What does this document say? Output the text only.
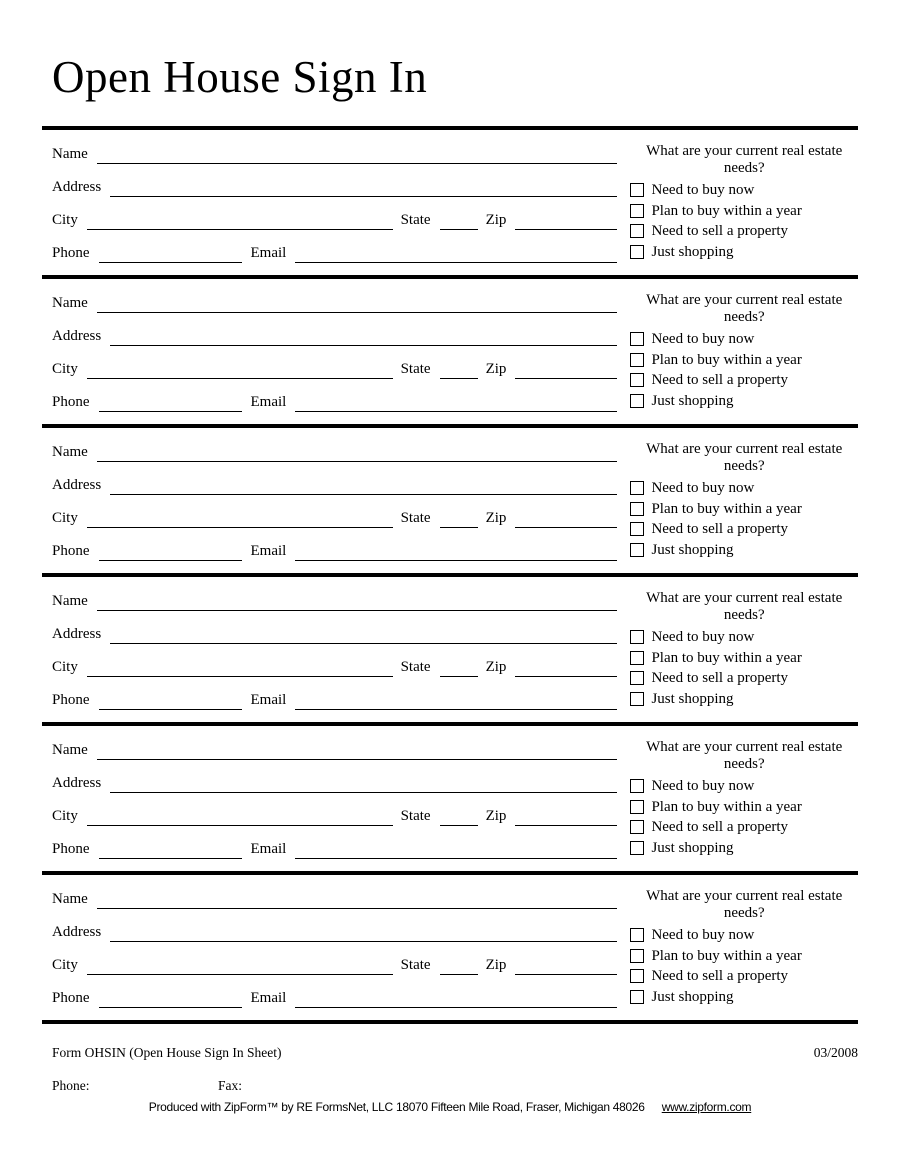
Open House Sign In
Name
Address
City	State	Zip
Phone	Email
What are your current real estate needs?
Need to buy now
Plan to buy within a year
Need to sell a property
Just shopping
Name
Address
City	State	Zip
Phone	Email
What are your current real estate needs?
Need to buy now
Plan to buy within a year
Need to sell a property
Just shopping
Name
Address
City	State	Zip
Phone	Email
What are your current real estate needs?
Need to buy now
Plan to buy within a year
Need to sell a property
Just shopping
Name
Address
City	State	Zip
Phone	Email
What are your current real estate needs?
Need to buy now
Plan to buy within a year
Need to sell a property
Just shopping
Name
Address
City	State	Zip
Phone	Email
What are your current real estate needs?
Need to buy now
Plan to buy within a year
Need to sell a property
Just shopping
Name
Address
City	State	Zip
Phone	Email
What are your current real estate needs?
Need to buy now
Plan to buy within a year
Need to sell a property
Just shopping
Form OHSIN (Open House Sign In Sheet)	03/2008
Phone:	Fax:
Produced with ZipForm™ by RE FormsNet, LLC 18070 Fifteen Mile Road, Fraser, Michigan 48026 www.zipform.com
